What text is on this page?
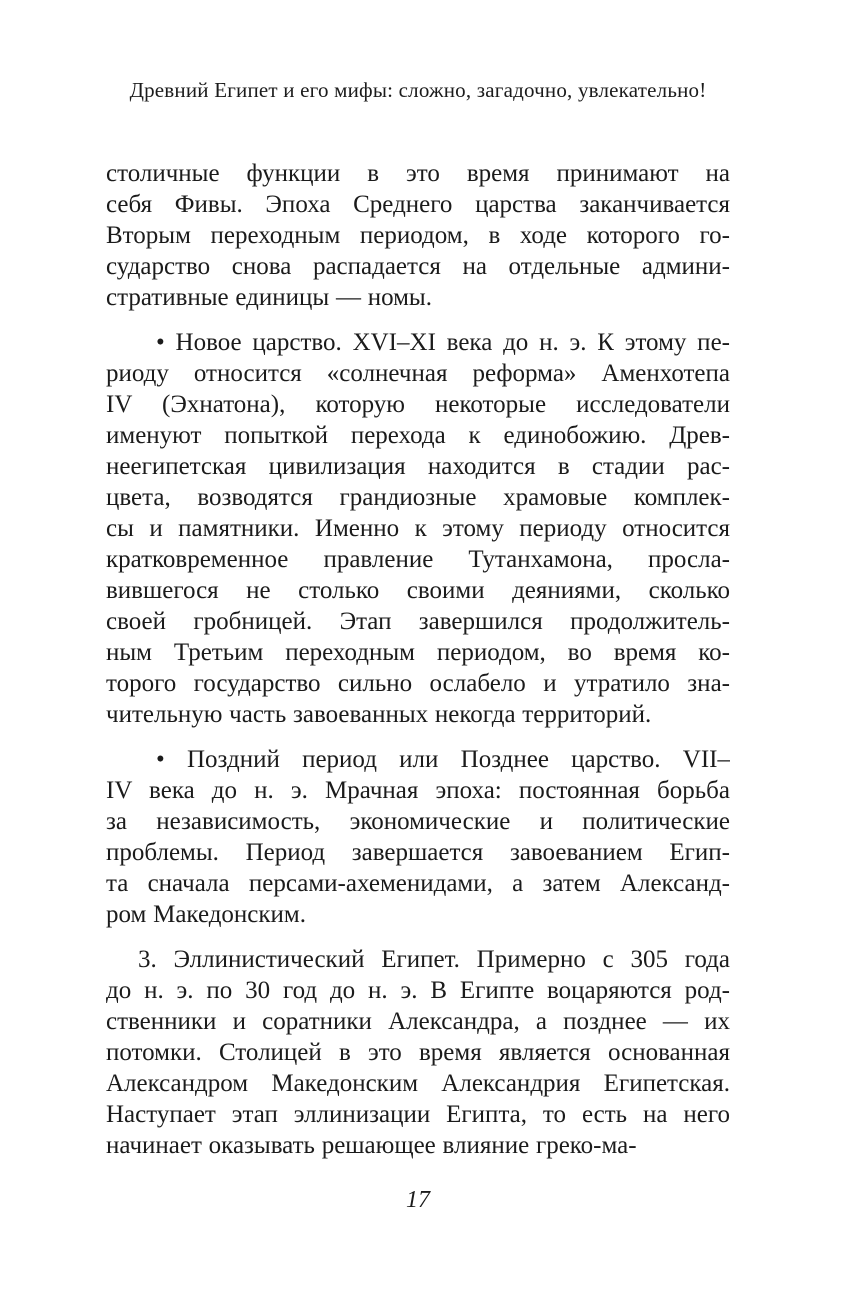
Древний Египет и его мифы: сложно, загадочно, увлекательно!
столичные функции в это время принимают на
себя Фивы. Эпоха Среднего царства заканчивается
Вторым переходным периодом, в ходе которого го-
сударство снова распадается на отдельные админи-
стративные единицы — номы.
• Новое царство. XVI–XI века до н. э. К этому пе-
риоду относится «солнечная реформа» Аменхотепа
IV (Эхнатона), которую некоторые исследователи
именуют попыткой перехода к единобожию. Древ-
неегипетская цивилизация находится в стадии рас-
цвета, возводятся грандиозные храмовые комплек-
сы и памятники. Именно к этому периоду относится
кратковременное правление Тутанхамона, просла-
вившегося не столько своими деяниями, сколько
своей гробницей. Этап завершился продолжитель-
ным Третьим переходным периодом, во время ко-
торого государство сильно ослабело и утратило зна-
чительную часть завоеванных некогда территорий.
• Поздний период или Позднее царство. VII–
IV века до н. э. Мрачная эпоха: постоянная борьба
за независимость, экономические и политические
проблемы. Период завершается завоеванием Егип-
та сначала персами-ахеменидами, а затем Александ-
ром Македонским.
3. Эллинистический Египет. Примерно с 305 года
до н. э. по 30 год до н. э. В Египте воцаряются род-
ственники и соратники Александра, а позднее — их
потомки. Столицей в это время является основанная
Александром Македонским Александрия Египетская.
Наступает этап эллинизации Египта, то есть на него
начинает оказывать решающее влияние греко-ма-
17
